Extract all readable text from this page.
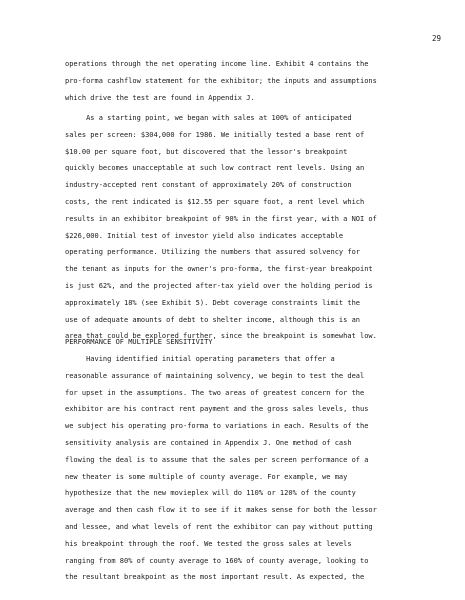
29
operations through the net operating income line. Exhibit 4 contains the
pro-forma cashflow statement for the exhibitor; the inputs and assumptions
which drive the test are found in Appendix J.
As a starting point, we began with sales at 100% of anticipated
sales per screen: $304,000 for 1986. We initially tested a base rent of
$10.00 per square foot, but discovered that the lessor's breakpoint
quickly becomes unacceptable at such low contract rent levels. Using an
industry-accepted rent constant of approximately 20% of construction
costs, the rent indicated is $12.55 per square foot, a rent level which
results in an exhibitor breakpoint of 90% in the first year, with a NOI of
$226,000. Initial test of investor yield also indicates acceptable
operating performance. Utilizing the numbers that assured solvency for
the tenant as inputs for the owner's pro-forma, the first-year breakpoint
is just 62%, and the projected after-tax yield over the holding period is
approximately 18% (see Exhibit 5). Debt coverage constraints limit the
use of adequate amounts of debt to shelter income, although this is an
area that could be explored further, since the breakpoint is somewhat low.
PERFORMANCE OF MULTIPLE SENSITIVITY
Having identified initial operating parameters that offer a
reasonable assurance of maintaining solvency, we begin to test the deal
for upset in the assumptions. The two areas of greatest concern for the
exhibitor are his contract rent payment and the gross sales levels, thus
we subject his operating pro-forma to variations in each. Results of the
sensitivity analysis are contained in Appendix J. One method of cash
flowing the deal is to assume that the sales per screen performance of a
new theater is some multiple of county average. For example, we may
hypothesize that the new movieplex will do 110% or 120% of the county
average and then cash flow it to see if it makes sense for both the lessor
and lessee, and what levels of rent the exhibitor can pay without putting
his breakpoint through the roof. We tested the gross sales at levels
ranging from 80% of county average to 160% of county average, looking to
the resultant breakpoint as the most important result. As expected, the
